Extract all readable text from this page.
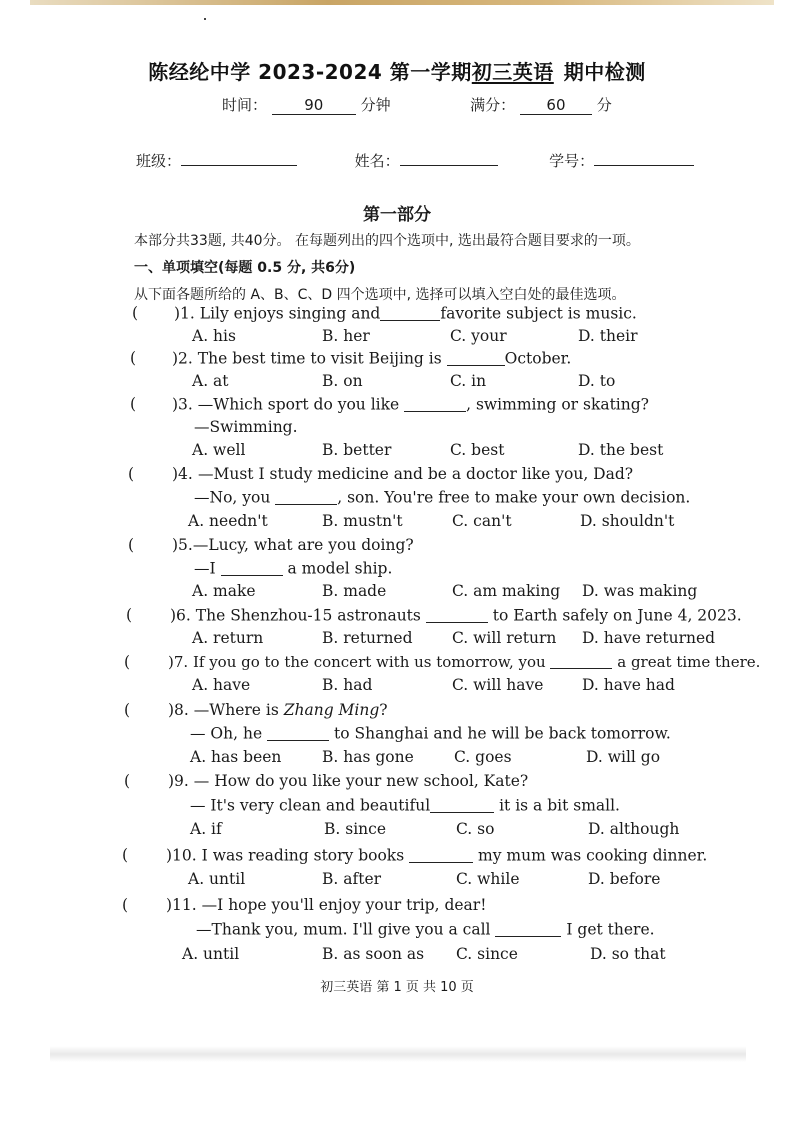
陈经纶中学 2023-2024 第一学期初三英语 期中检测
时间： 90 分钟	满分： 60 分
班级：	姓名：	学号：
第一部分
本部分共33题, 共40分。 在每题列出的四个选项中, 选出最符合题目要求的一项。
一、单项填空(每题 0.5 分, 共6分)
从下面各题所给的 A、B、C、D 四个选项中, 选择可以填入空白处的最佳选项。
( )1. Lily enjoys singing and	favorite subject is music.
A. his	B. her	C. your	D. their
( )2. The best time to visit Beijing is	October.
A. at	B. on	C. in	D. to
( )3. —Which sport do you like	, swimming or skating?
—Swimming.
A. well	B. better	C. best	D. the best
(	—Must I study medicine and be a doctor like you, Dad?
)4.
—No, you	, son. You're free to make your own decision.
A. needn't	B. mustn't	C. can't	D. shouldn't
( )5.—Lucy, what are you doing?
—I	a model ship.
A. make	B. made	C. am making D. was making
( )6. The Shenzhou-15 astronauts	to Earth safely on June 4, 2023.
A. return	B. returned	C. will return D. have returned
(	)7. If you go to the concert with us tomorrow, you	a great time there.
A. have	B. had	C. will have D. have had
( )8. —Where is Zhang Ming?
— Oh, he	to Shanghai and he will be back tomorrow.
A. has been	B. has gone	C. goes	D. will go
( )9. — How do you like your new school, Kate?
— It's very clean and beautiful	it is a bit small.
A. if	B. since	C. so	D. although
( )10. I was reading story books	my mum was cooking dinner.
A. until	B. after	C. while	D. before
( )11. —I hope you'll enjoy your trip, dear!
—Thank you, mum. I'll give you a call	I get there.
A. until	B. as soon as C. since	D. so that
初三英语 第 1 页 共 10 页
